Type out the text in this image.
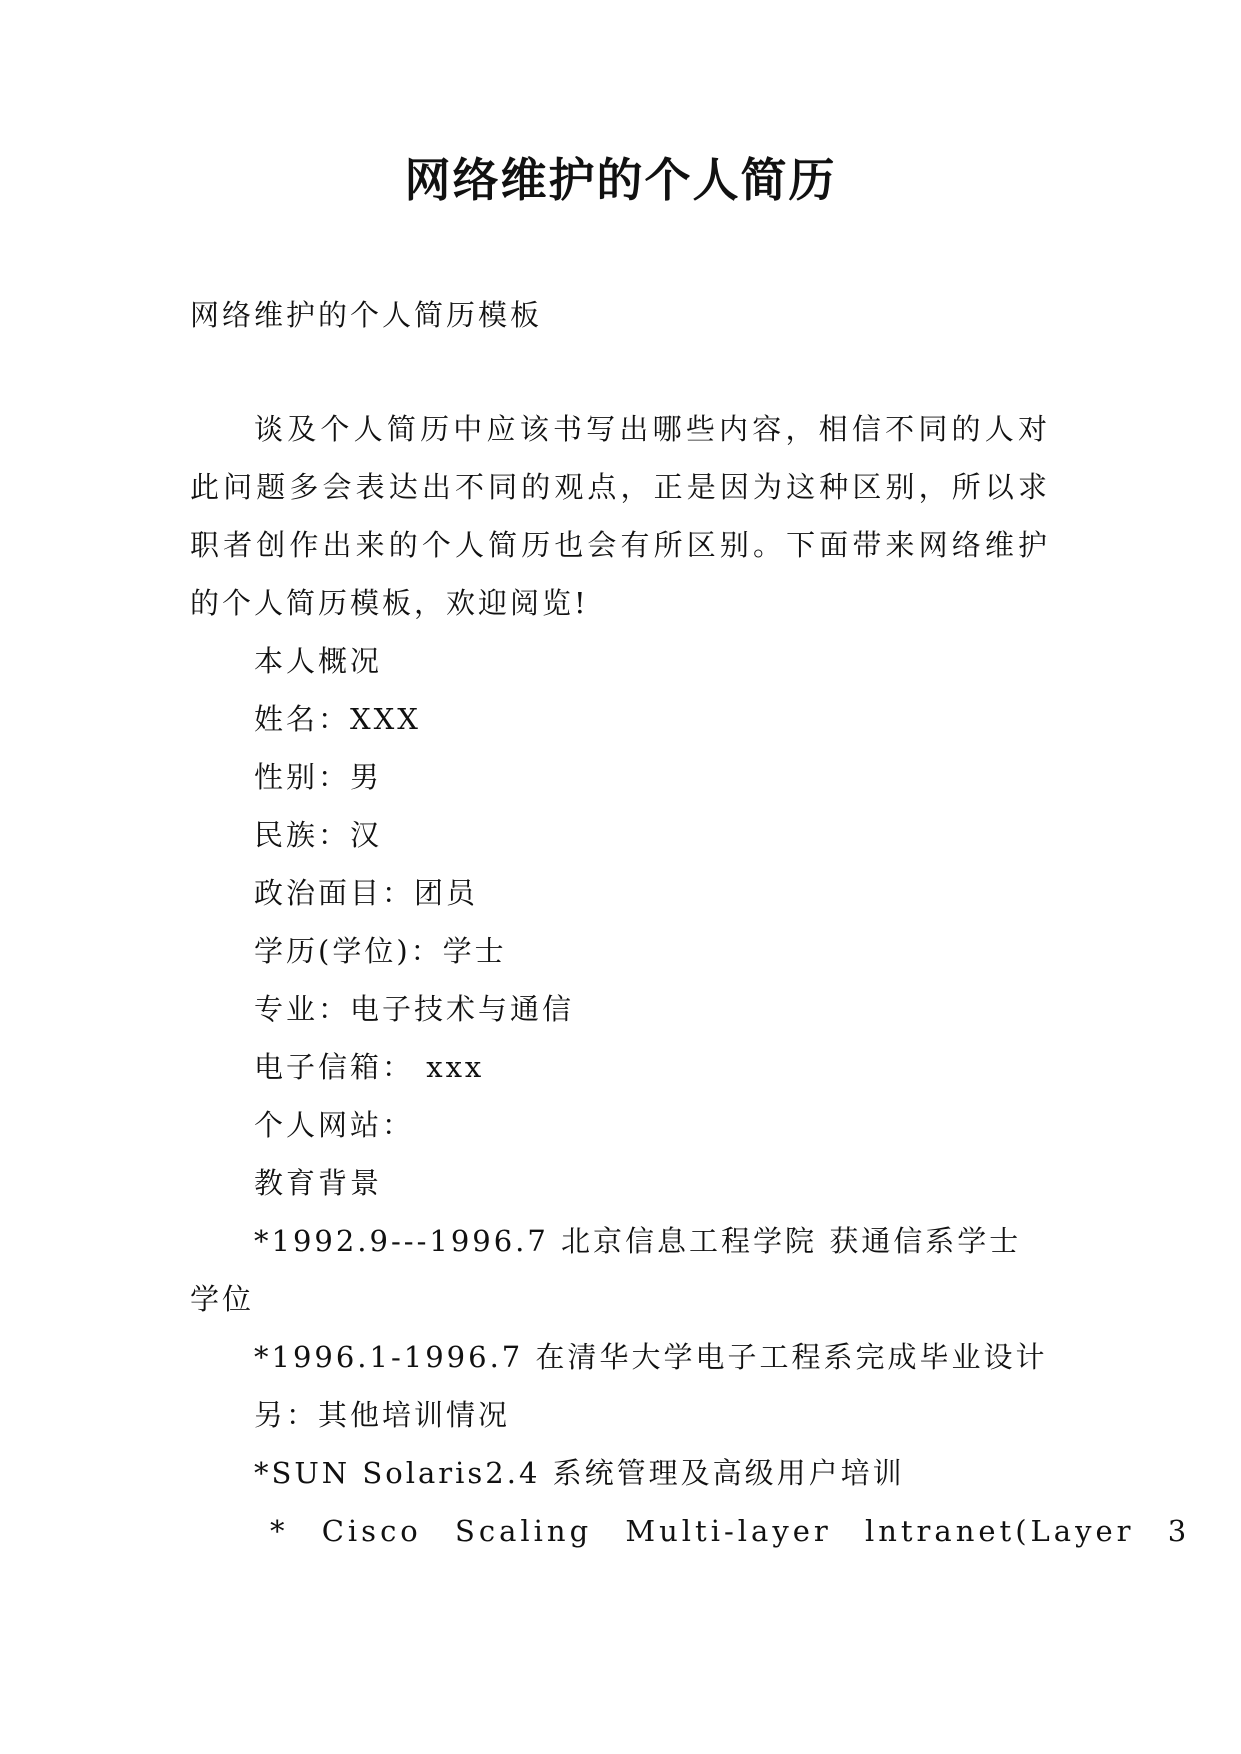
网络维护的个人简历
网络维护的个人简历模板

谈及个人简历中应该书写出哪些内容，相信不同的人对此问题多会表达出不同的观点，正是因为这种区别，所以求职者创作出来的个人简历也会有所区别。下面带来网络维护的个人简历模板，欢迎阅览!

本人概况

姓名：XXX

性别：男

民族：汉

政治面目：团员

学历(学位)：学士

专业：电子技术与通信

电子信箱： xxx

个人网站：

教育背景

*1992.9---1996.7 北京信息工程学院 获通信系学士学位

*1996.1-1996.7 在清华大学电子工程系完成毕业设计

另：其他培训情况

*SUN Solaris2.4 系统管理及高级用户培训

* Cisco Scaling Multi-layer lntranet(Layer 3
